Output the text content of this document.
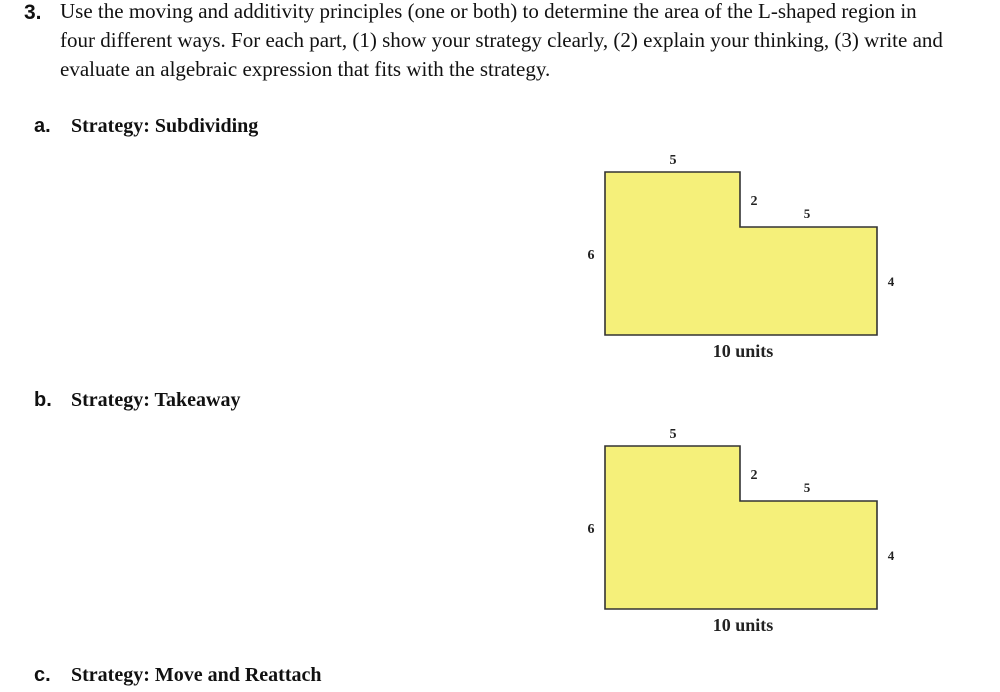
3. Use the moving and additivity principles (one or both) to determine the area of the L-shaped region in
four different ways. For each part, (1) show your strategy clearly, (2) explain your thinking, (3) write and
evaluate an algebraic expression that fits with the strategy.
a. Strategy: Subdividing
5
2
5
6
4
10 units
b. Strategy: Takeaway
5
2
5
6
4
10 units
c. Strategy: Move and Reattach
